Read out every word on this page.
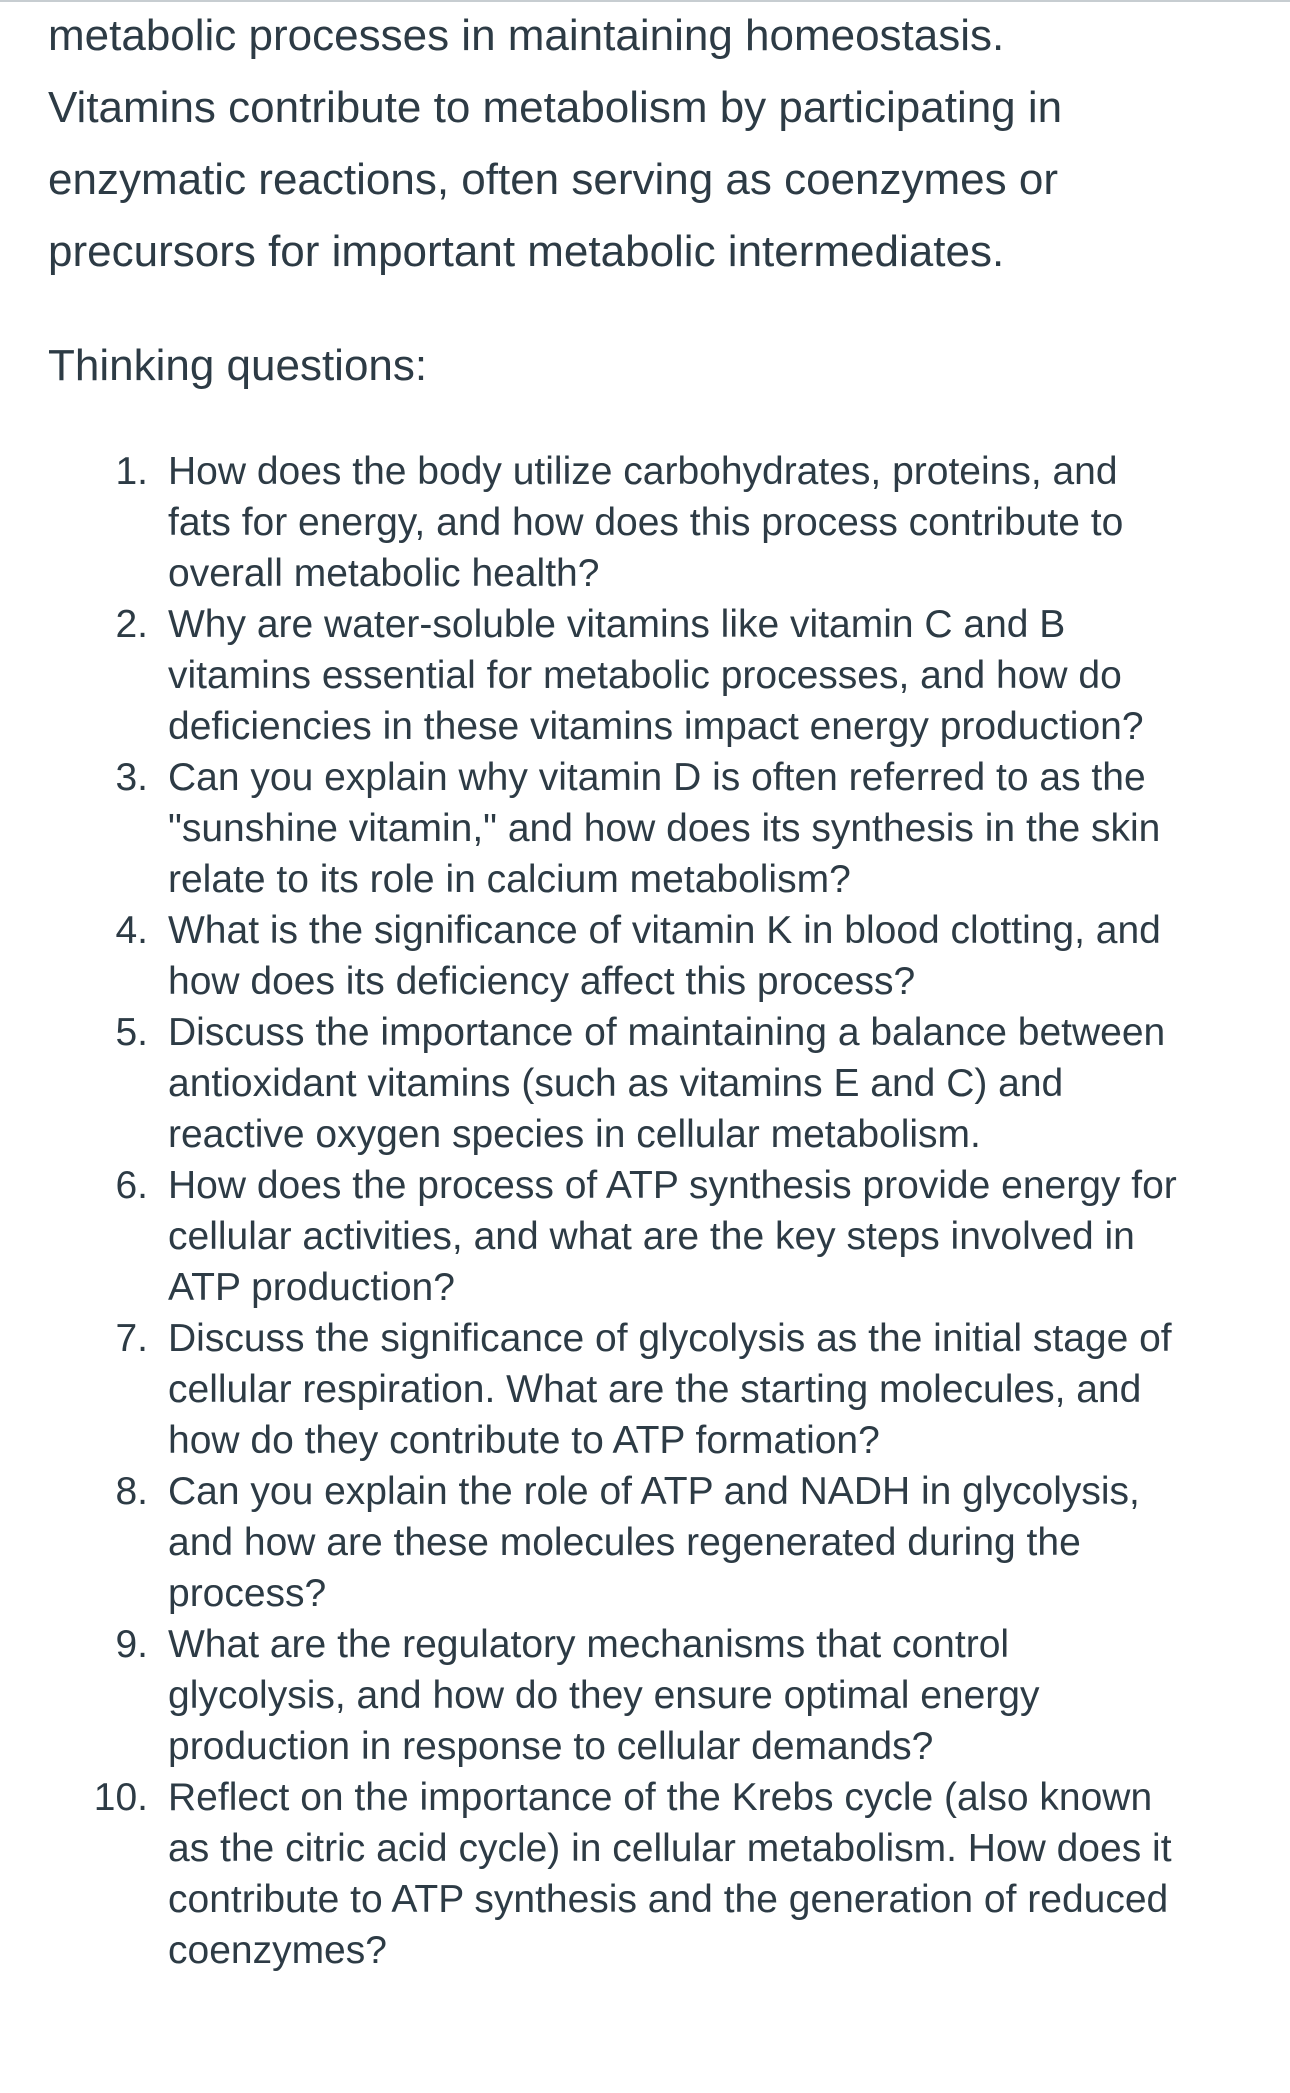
metabolic processes in maintaining homeostasis.
Vitamins contribute to metabolism by participating in
enzymatic reactions, often serving as coenzymes or
precursors for important metabolic intermediates.

Thinking questions:
1. How does the body utilize carbohydrates, proteins, and
fats for energy, and how does this process contribute to
overall metabolic health?
2. Why are water-soluble vitamins like vitamin C and B
vitamins essential for metabolic processes, and how do
deficiencies in these vitamins impact energy production?
3. Can you explain why vitamin D is often referred to as the
"sunshine vitamin," and how does its synthesis in the skin
relate to its role in calcium metabolism?
4. What is the significance of vitamin K in blood clotting, and
how does its deficiency affect this process?
5. Discuss the importance of maintaining a balance between
antioxidant vitamins (such as vitamins E and C) and
reactive oxygen species in cellular metabolism.
6. How does the process of ATP synthesis provide energy for
cellular activities, and what are the key steps involved in
ATP production?
7. Discuss the significance of glycolysis as the initial stage of
cellular respiration. What are the starting molecules, and
how do they contribute to ATP formation?
8. Can you explain the role of ATP and NADH in glycolysis,
and how are these molecules regenerated during the
process?
9. What are the regulatory mechanisms that control
glycolysis, and how do they ensure optimal energy
production in response to cellular demands?
10. Reflect on the importance of the Krebs cycle (also known
as the citric acid cycle) in cellular metabolism. How does it
contribute to ATP synthesis and the generation of reduced
coenzymes?
